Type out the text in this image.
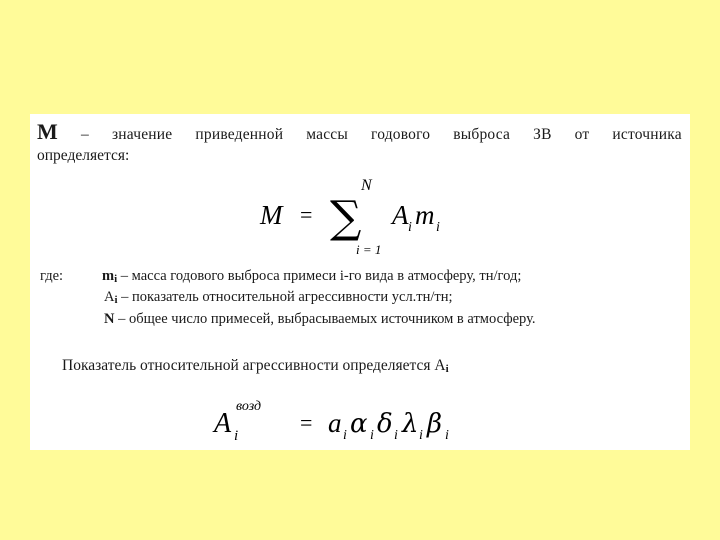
M – значение приведенной массы годового выброса ЗВ от источника
определяется:
M = ∑
N
i = 1
A i m i
где:	mi – масса годового выброса примеси i-го вида в атмосферу, тн/год;
Ai – показатель относительной агрессивности усл.тн/тн;
N – общее число примесей, выбрасываемых источником в атмосферу.
Показатель относительной агрессивности определяется Ai
A
возд
i
= a i α i δ i λ i β i
